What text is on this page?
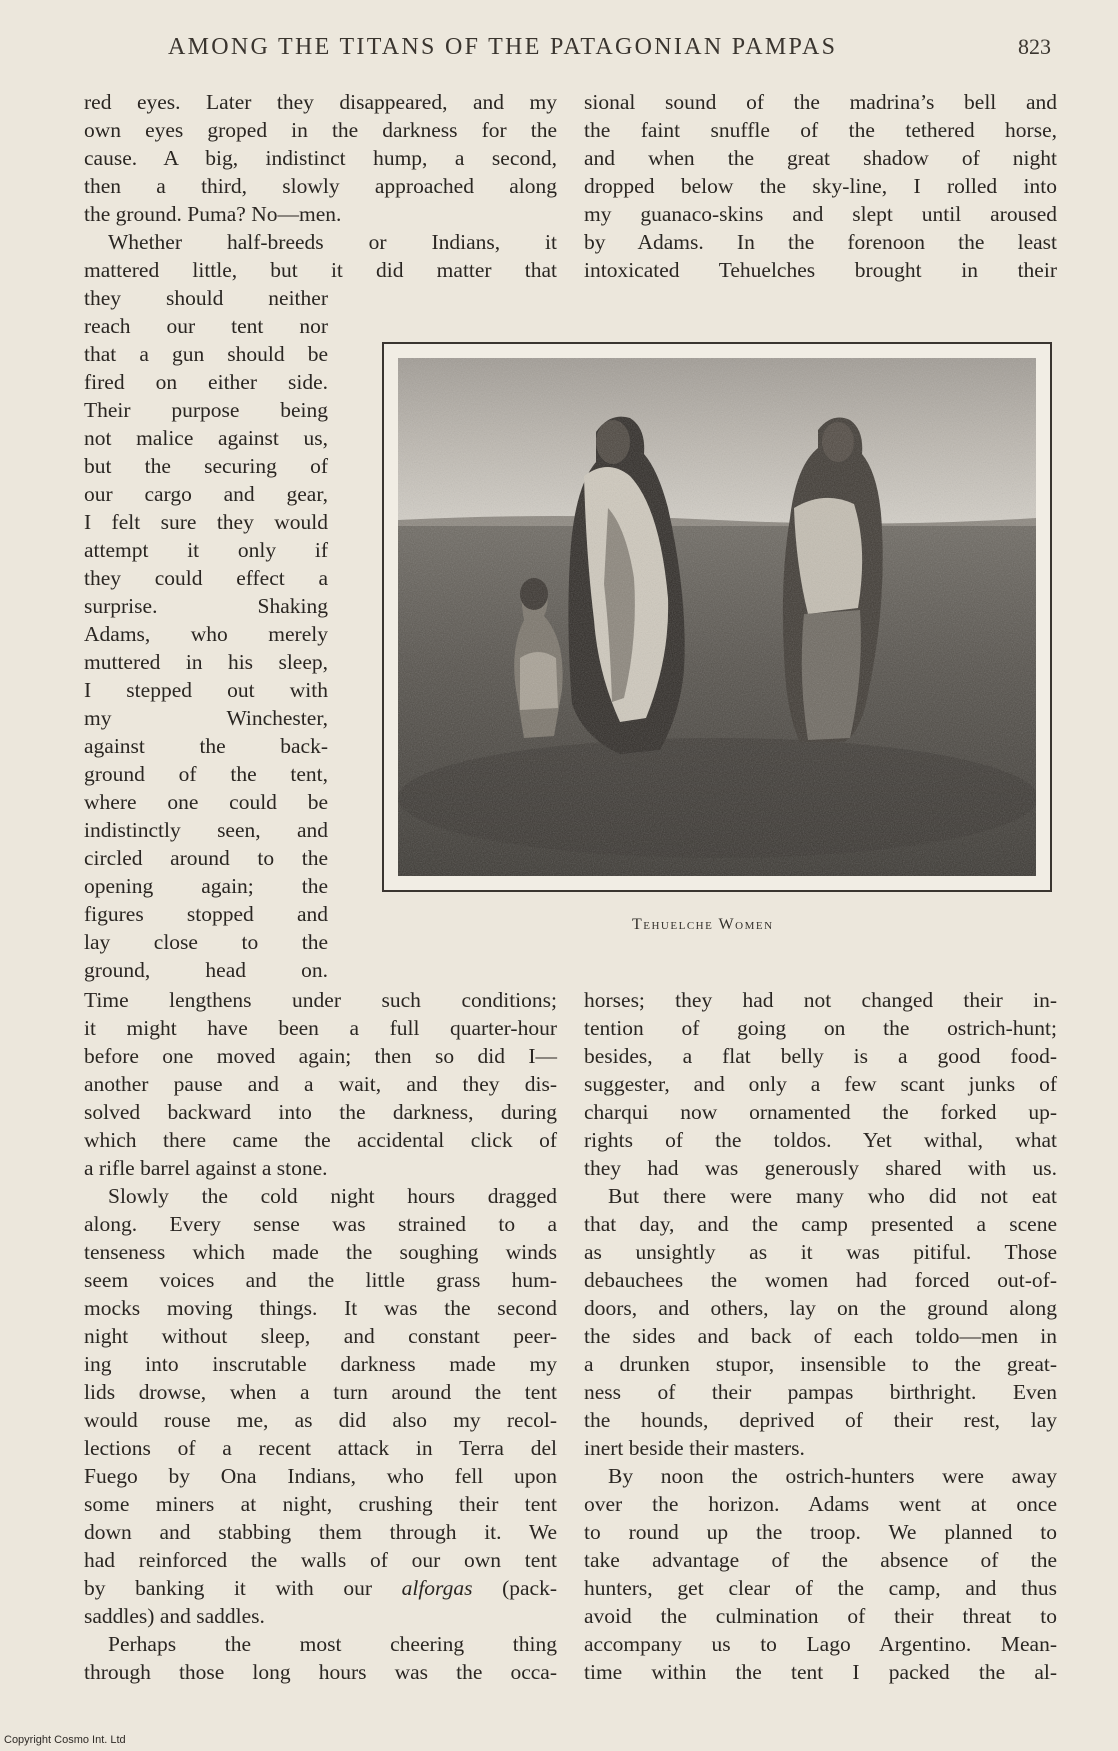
AMONG THE TITANS OF THE PATAGONIAN PAMPAS	823
red eyes. Later they disappeared, and my
own eyes groped in the darkness for the
cause. A big, indistinct hump, a second,
then a third, slowly approached along
the ground. Puma? No—men.
Whether half-breeds or Indians, it
mattered little, but it did matter that
they should neither
reach our tent nor
that a gun should be
fired on either side.
Their purpose being
not malice against us,
but the securing of
our cargo and gear,
I felt sure they would
attempt it only if
they could effect a
surprise. Shaking
Adams, who merely
muttered in his sleep,
I stepped out with
my Winchester,
against the back-
ground of the tent,
where one could be
indistinctly seen, and
circled around to the
opening again; the
figures stopped and
lay close to the
ground, head on.
Time lengthens under such conditions;
it might have been a full quarter-hour
before one moved again; then so did I—
another pause and a wait, and they dis-
solved backward into the darkness, during
which there came the accidental click of
a rifle barrel against a stone.
Slowly the cold night hours dragged
along. Every sense was strained to a
tenseness which made the soughing winds
seem voices and the little grass hum-
mocks moving things. It was the second
night without sleep, and constant peer-
ing into inscrutable darkness made my
lids drowse, when a turn around the tent
would rouse me, as did also my recol-
lections of a recent attack in Terra del
Fuego by Ona Indians, who fell upon
some miners at night, crushing their tent
down and stabbing them through it. We
had reinforced the walls of our own tent
by banking it with our alforgas (pack-
saddles) and saddles.
Perhaps the most cheering thing
through those long hours was the occa-
sional sound of the madrina’s bell and
the faint snuffle of the tethered horse,
and when the great shadow of night
dropped below the sky-line, I rolled into
my guanaco-skins and slept until aroused
by Adams. In the forenoon the least
intoxicated Tehuelches brought in their
Tehuelche Women
horses; they had not changed their in-
tention of going on the ostrich-hunt;
besides, a flat belly is a good food-
suggester, and only a few scant junks of
charqui now ornamented the forked up-
rights of the toldos. Yet withal, what
they had was generously shared with us.
But there were many who did not eat
that day, and the camp presented a scene
as unsightly as it was pitiful. Those
debauchees the women had forced out-of-
doors, and others, lay on the ground along
the sides and back of each toldo—men in
a drunken stupor, insensible to the great-
ness of their pampas birthright. Even
the hounds, deprived of their rest, lay
inert beside their masters.
By noon the ostrich-hunters were away
over the horizon. Adams went at once
to round up the troop. We planned to
take advantage of the absence of the
hunters, get clear of the camp, and thus
avoid the culmination of their threat to
accompany us to Lago Argentino. Mean-
time within the tent I packed the al-
Copyright Cosmo Int. Ltd
